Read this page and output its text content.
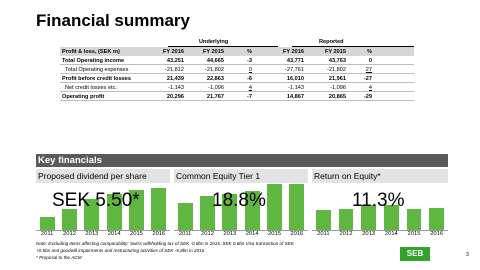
Financial summary
Underlying	Reported
Profit & loss, (SEK m)	FY 2016	FY 2015	%	FY 2016	FY 2015	%
Total Operating income	43,251	44,665	-3	43,771	43,763	0
Total Operating expenses	-21,812	-21,802	0	-27,761	-21,802	27
Profit before credit losses	21,439	22,863	-6	16,010	21,961	-27
Net credit losses etc.	-1,143	-1,096	4	-1,143	-1,096	4
Operating profit	20,296	21,767	-7	14,867	20,865	-29
Key financials
Proposed dividend per share
SEK 5.50*
2011 2012 2013 2014 2015 2016
Common Equity Tier 1
18.8%
2011 2012 2013 2014 2015 2016
Return on Equity*
11.3%
2011 2012 2013 2014 2015 2016
Note: Excluding items affecting comparability: Swiss withholding tax of SEK -0.8bn in 2015, SEK 0.6bn Visa transaction of SEK
+0.5bn and goodwill impairments and restructuring activities of SEK -5.8bn in 2016
* Proposal to the AGM	SEB	3
